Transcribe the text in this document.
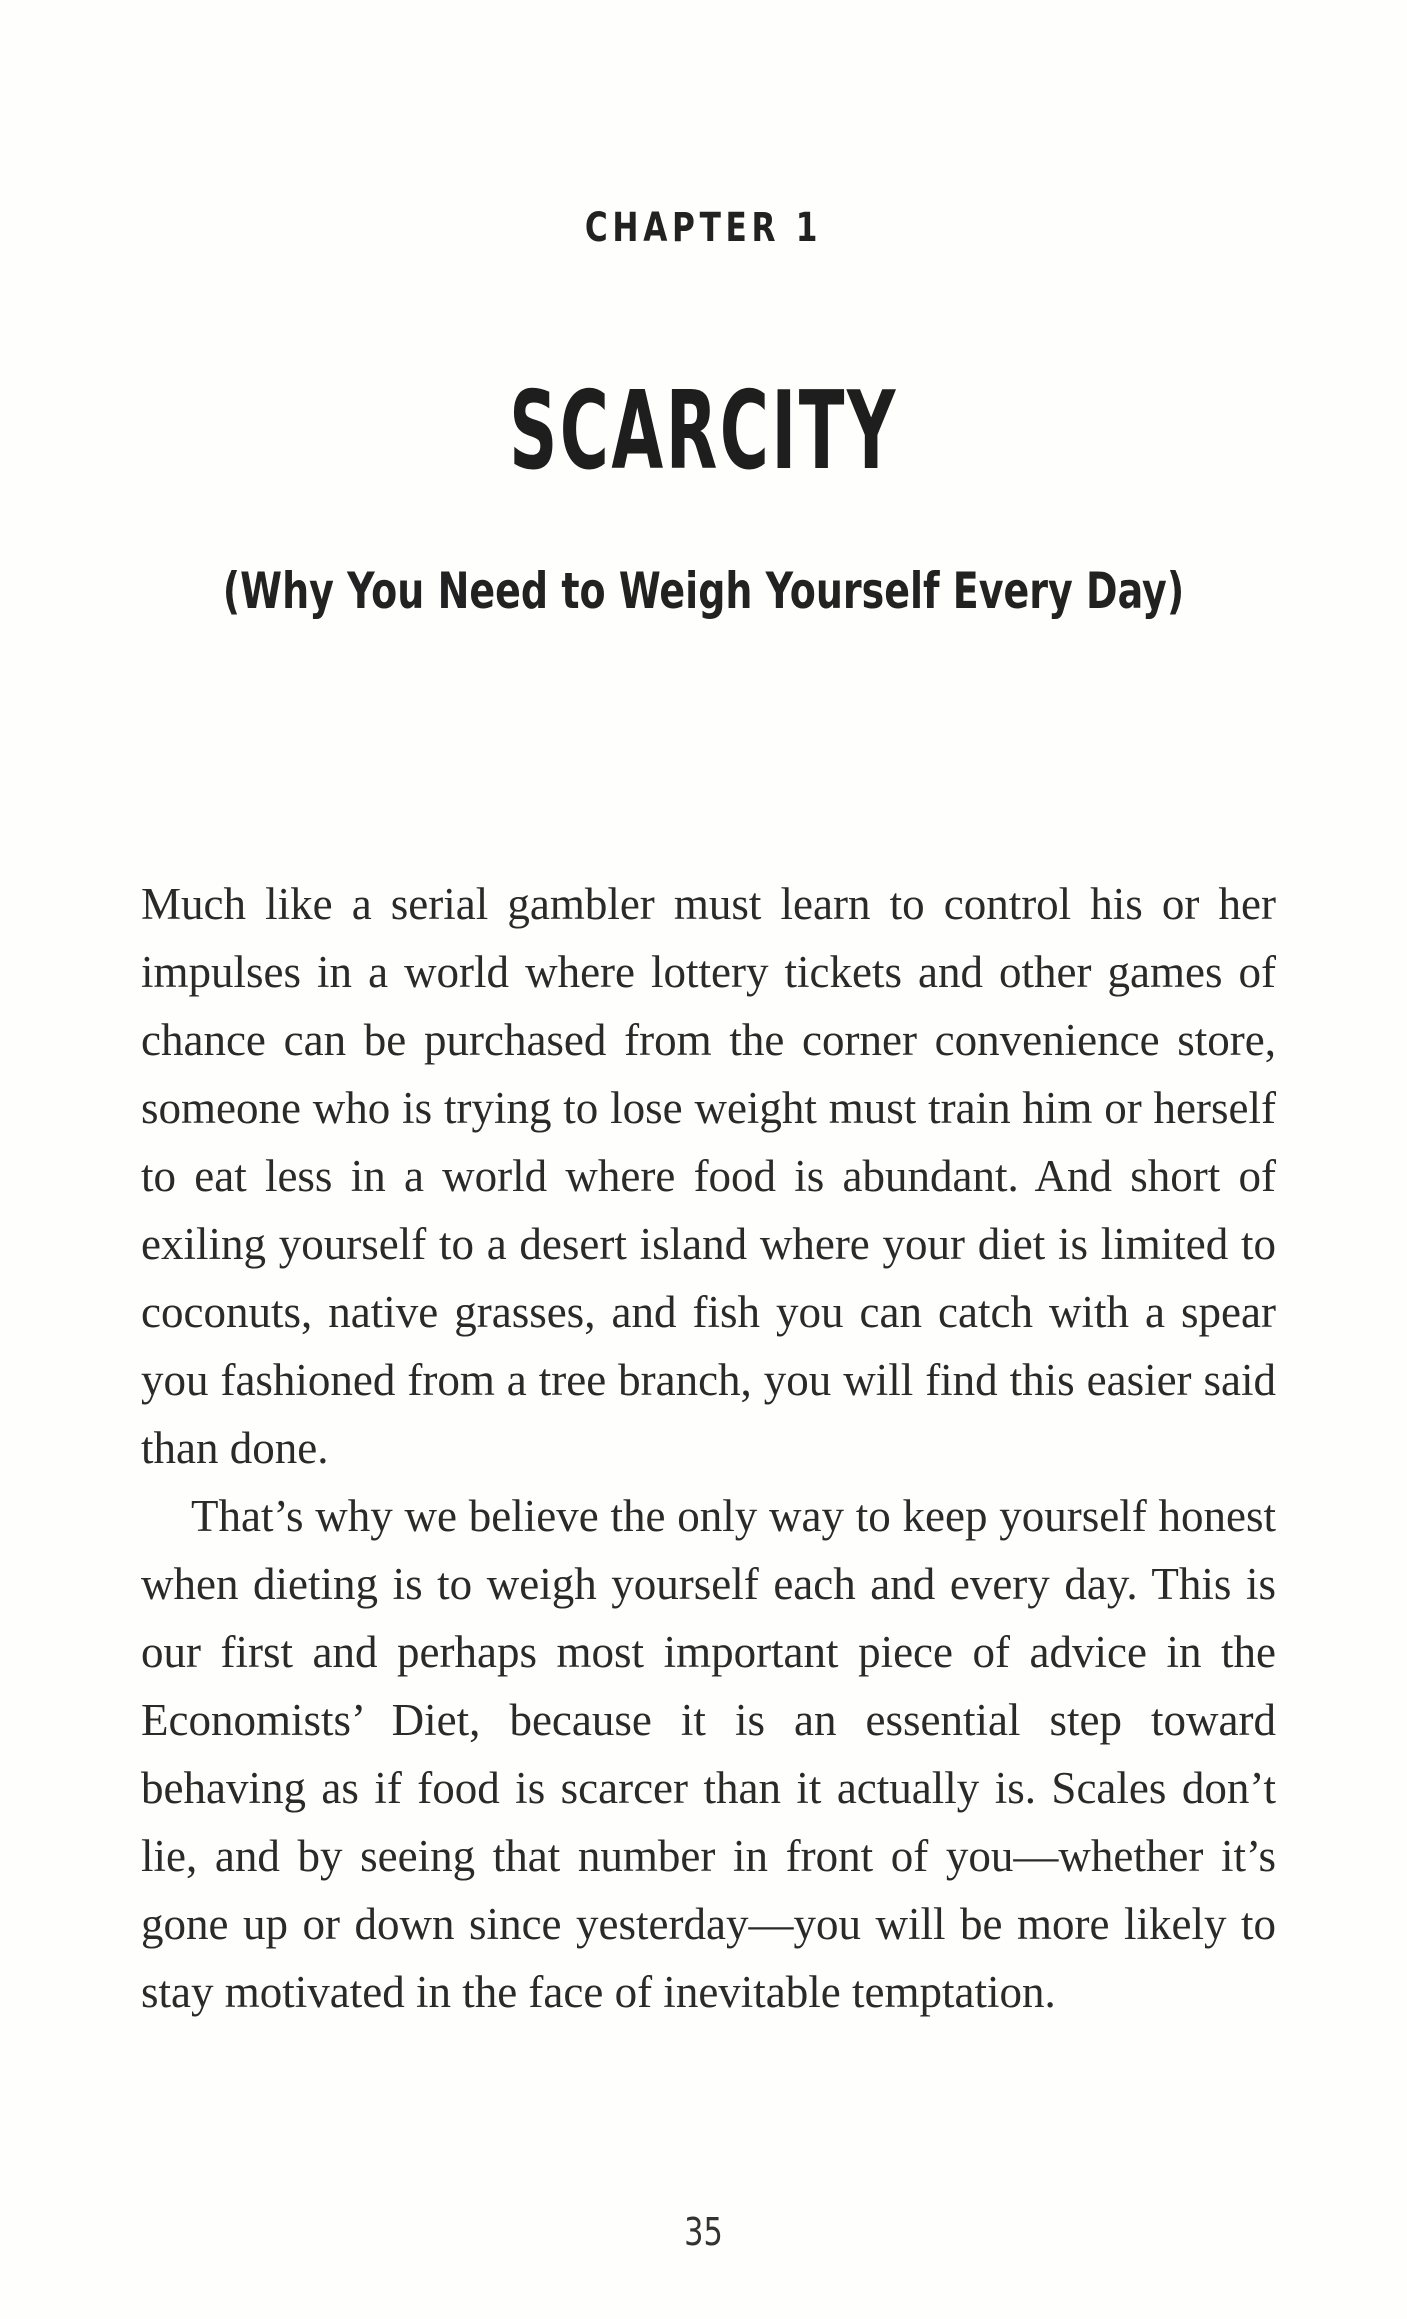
CHAPTER 1
SCARCITY
(Why You Need to Weigh Yourself Every Day)

Much like a serial gambler must learn to control his or her impulses in a world where lottery tickets and other games of chance can be purchased from the corner convenience store, someone who is trying to lose weight must train him or herself to eat less in a world where food is abundant. And short of exiling yourself to a desert island where your diet is limited to coconuts, native grasses, and fish you can catch with a spear you fashioned from a tree branch, you will find this easier said than done.

That’s why we believe the only way to keep yourself honest when dieting is to weigh yourself each and every day. This is our first and perhaps most important piece of advice in the Economists’ Diet, because it is an essential step toward behaving as if food is scarcer than it actually is. Scales don’t lie, and by seeing that number in front of you—whether it’s gone up or down since yesterday—you will be more likely to stay motivated in the face of inevitable temptation.

35
